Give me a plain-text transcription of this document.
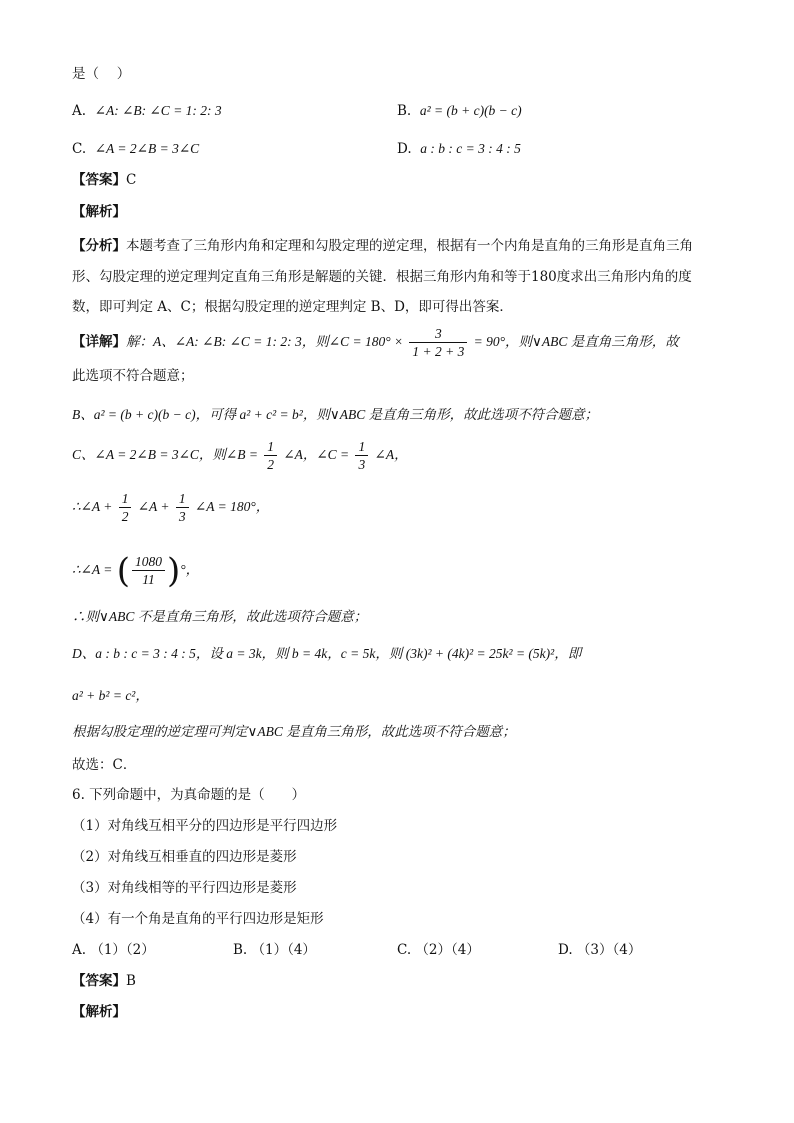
是（　 ）
A. ∠A: ∠B: ∠C = 1: 2: 3	B. a² = (b + c)(b − c)
C. ∠A = 2∠B = 3∠C	D. a : b : c = 3 : 4 : 5
【答案】C
【解析】
【分析】本题考查了三角形内角和定理和勾股定理的逆定理，根据有一个内角是直角的三角形是直角三角
形、勾股定理的逆定理判定直角三角形是解题的关键．根据三角形内角和等于180度求出三角形内角的度
数，即可判定 A、C；根据勾股定理的逆定理判定 B、D，即可得出答案．
【详解】解：A、∠A: ∠B: ∠C = 1: 2: 3，则∠C = $180^\circ \times \frac{3}{1 + 2 + 3} = 90^\circ$，则∨ABC 是直角三角形，故
此选项不符合题意；
B、a² = (b + c)(b − c)，可得 a² + c² = b²，则∨ABC 是直角三角形，故此选项不符合题意；
C、∠A = 2∠B = 3∠C，则∠B = $\frac{1}{2}$ ∠A，∠C = $\frac{1}{3}$ ∠A，
∴∠A + $\frac{1}{2}$ ∠A + $\frac{1}{3}$ ∠A = 180°，
∴∠A = ( $\frac{1080}{11}$ )°，
∴则∨ABC 不是直角三角形，故此选项符合题意；
D、a : b : c = 3 : 4 : 5，设 a = 3k，则 b = 4k，c = 5k，则 (3k)² + (4k)² = 25k² = (5k)²，即
a² + b² = c²，
根据勾股定理的逆定理可判定∨ABC 是直角三角形，故此选项不符合题意；
故选：C．
6. 下列命题中，为真命题的是（　　）
（1）对角线互相平分的四边形是平行四边形
（2）对角线互相垂直的四边形是菱形
（3）对角线相等的平行四边形是菱形
（4）有一个角是直角的平行四边形是矩形
A. （1）（2）	B. （1）（4）	C. （2）（4）	D. （3）（4）
【答案】B
【解析】
